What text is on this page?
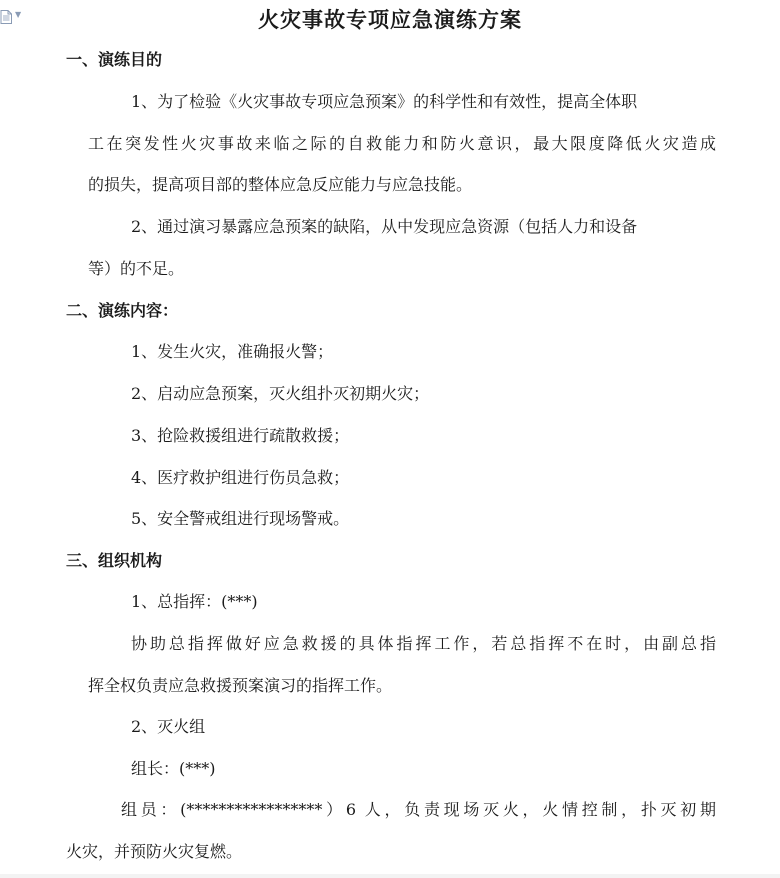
▼	火灾事故专项应急演练方案
一、演练目的
1、为了检验《火灾事故专项应急预案》的科学性和有效性，提高全体职
工在突发性火灾事故来临之际的自救能力和防火意识，最大限度降低火灾造成
的损失，提高项目部的整体应急反应能力与应急技能。
2、通过演习暴露应急预案的缺陷，从中发现应急资源（包括人力和设备
等）的不足。
二、演练内容：
1、发生火灾，准确报火警；
2、启动应急预案，灭火组扑灭初期火灾；
3、抢险救援组进行疏散救援；
4、医疗救护组进行伤员急救；
5、安全警戒组进行现场警戒。
三、组织机构
1、总指挥：(***)
协助总指挥做好应急救援的具体指挥工作，若总指挥不在时，由副总指
挥全权负责应急救援预案演习的指挥工作。
2、灭火组
组长：(***)
组员：(*****************）6 人，负责现场灭火，火情控制，扑灭初期
火灾，并预防火灾复燃。
